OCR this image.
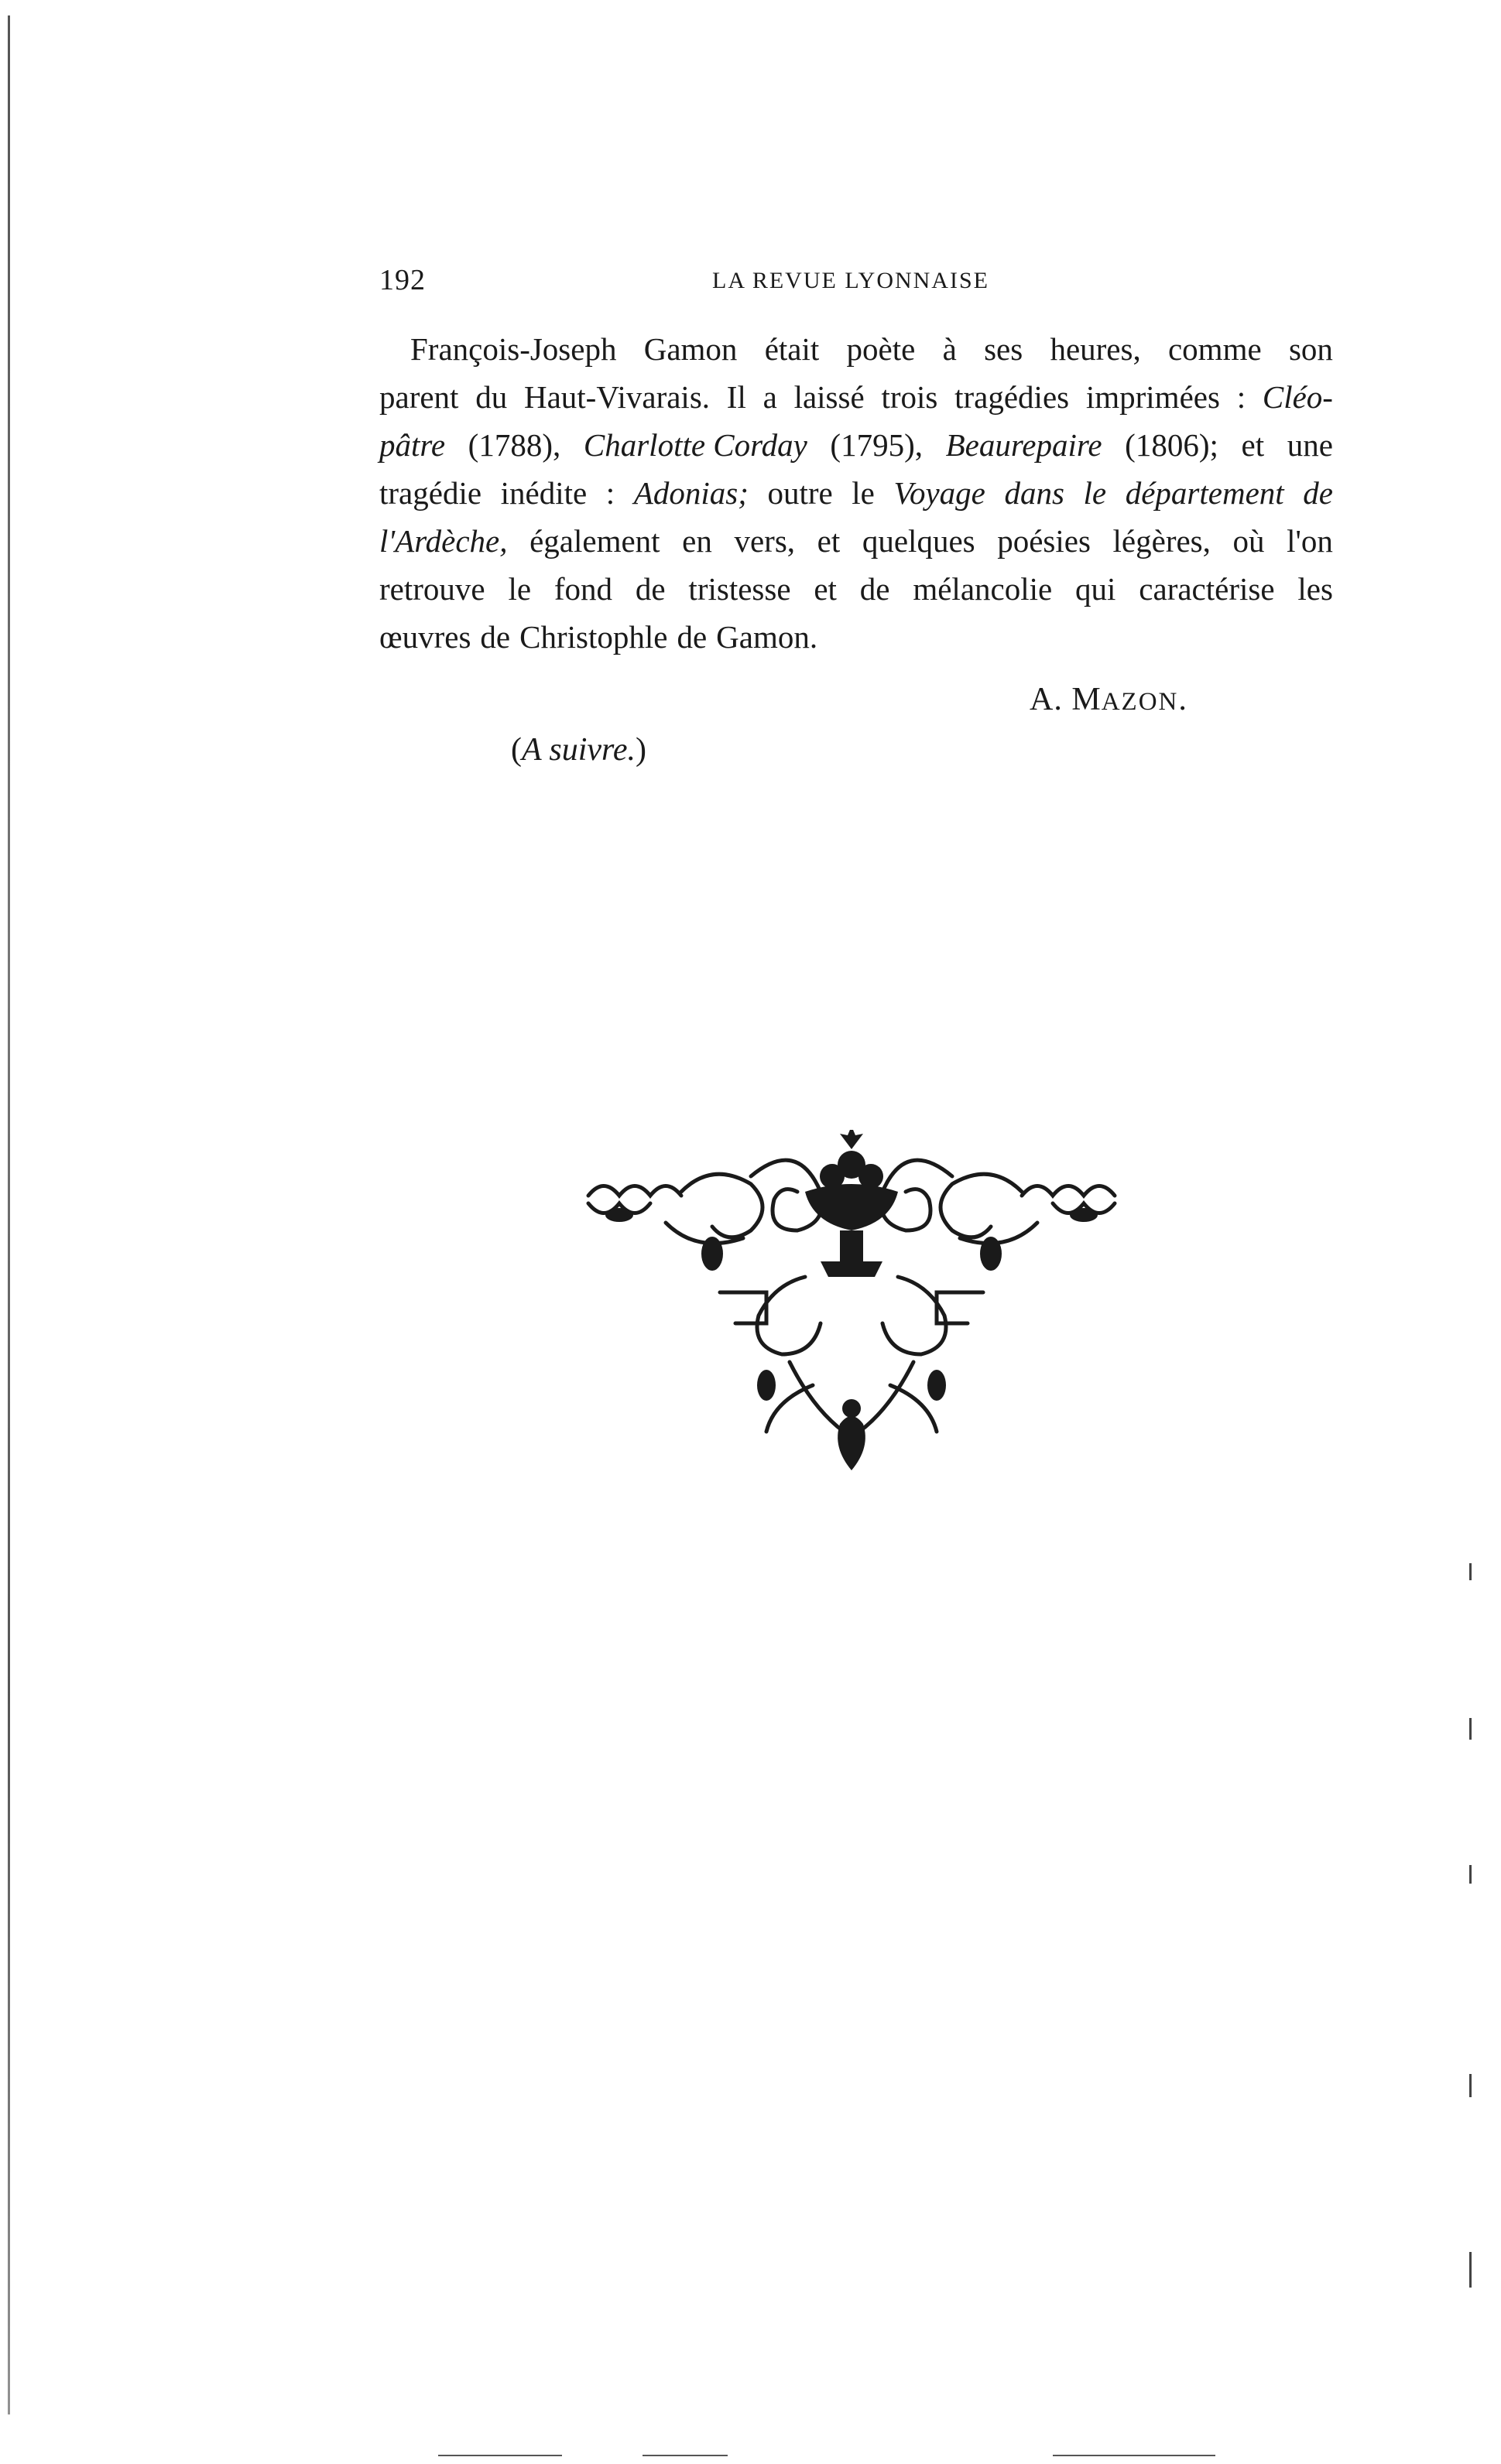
192	LA REVUE LYONNAISE
François-Joseph Gamon était poète à ses heures, comme son
parent du Haut-Vivarais. Il a laissé trois tragédies imprimées : Cléo-
pâtre (1788), Charlotte Corday (1795), Beaurepaire (1806); et une
tragédie inédite : Adonias; outre le Voyage dans le département de
l'Ardèche, également en vers, et quelques poésies légères, où l'on
retrouve le fond de tristesse et de mélancolie qui caractérise les
œuvres de Christophle de Gamon.
A. MAZON.
(A suivre.)
